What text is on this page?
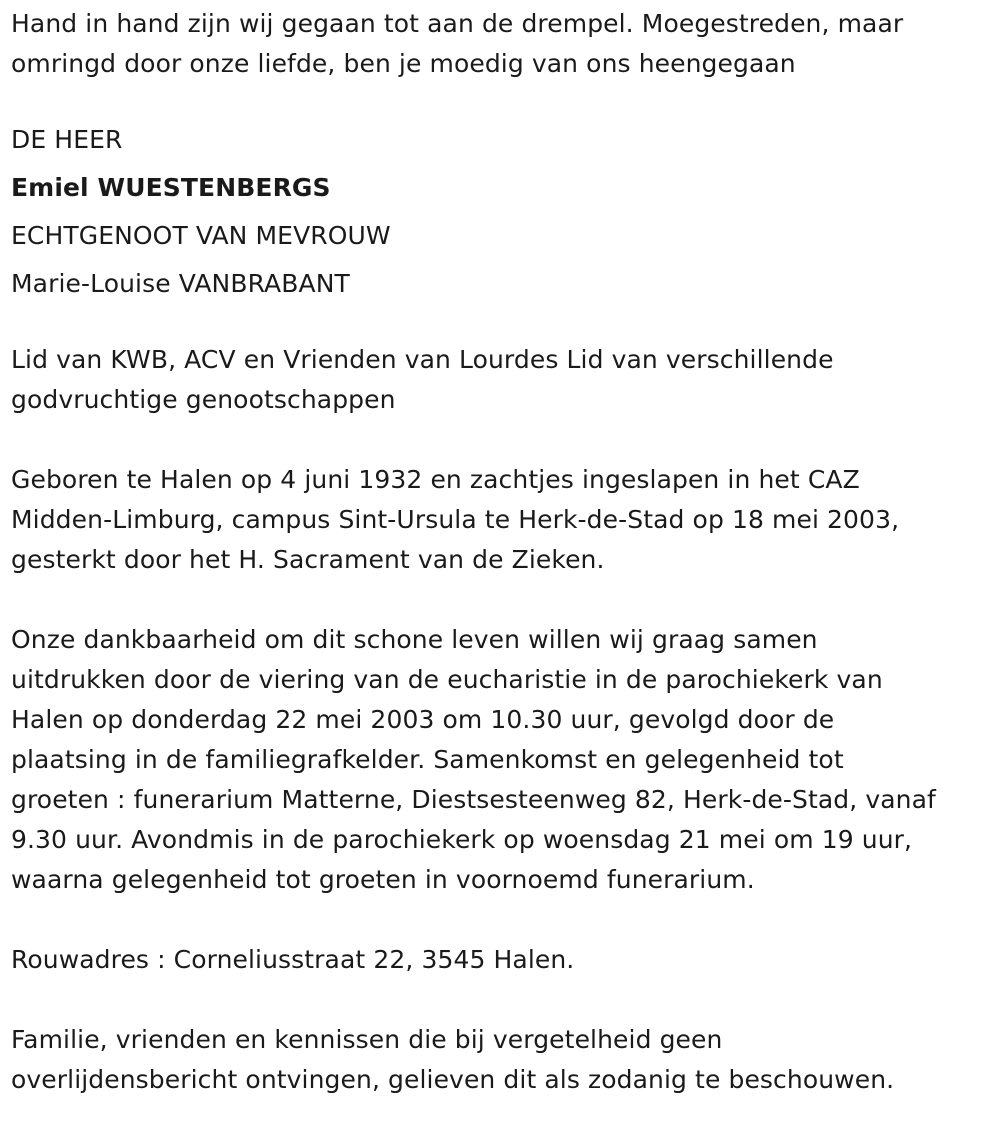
Hand in hand zijn wij gegaan tot aan de drempel. Moegestreden, maar
omringd door onze liefde, ben je moedig van ons heengegaan

DE HEER
Emiel WUESTENBERGS
ECHTGENOOT VAN MEVROUW
Marie-Louise VANBRABANT

Lid van KWB, ACV en Vrienden van Lourdes Lid van verschillende
godvruchtige genootschappen

Geboren te Halen op 4 juni 1932 en zachtjes ingeslapen in het CAZ
Midden-Limburg, campus Sint-Ursula te Herk-de-Stad op 18 mei 2003,
gesterkt door het H. Sacrament van de Zieken.

Onze dankbaarheid om dit schone leven willen wij graag samen
uitdrukken door de viering van de eucharistie in de parochiekerk van
Halen op donderdag 22 mei 2003 om 10.30 uur, gevolgd door de
plaatsing in de familiegrafkelder. Samenkomst en gelegenheid tot
groeten : funerarium Matterne, Diestsesteenweg 82, Herk-de-Stad, vanaf
9.30 uur. Avondmis in de parochiekerk op woensdag 21 mei om 19 uur,
waarna gelegenheid tot groeten in voornoemd funerarium.

Rouwadres : Corneliusstraat 22, 3545 Halen.

Familie, vrienden en kennissen die bij vergetelheid geen
overlijdensbericht ontvingen, gelieven dit als zodanig te beschouwen.
